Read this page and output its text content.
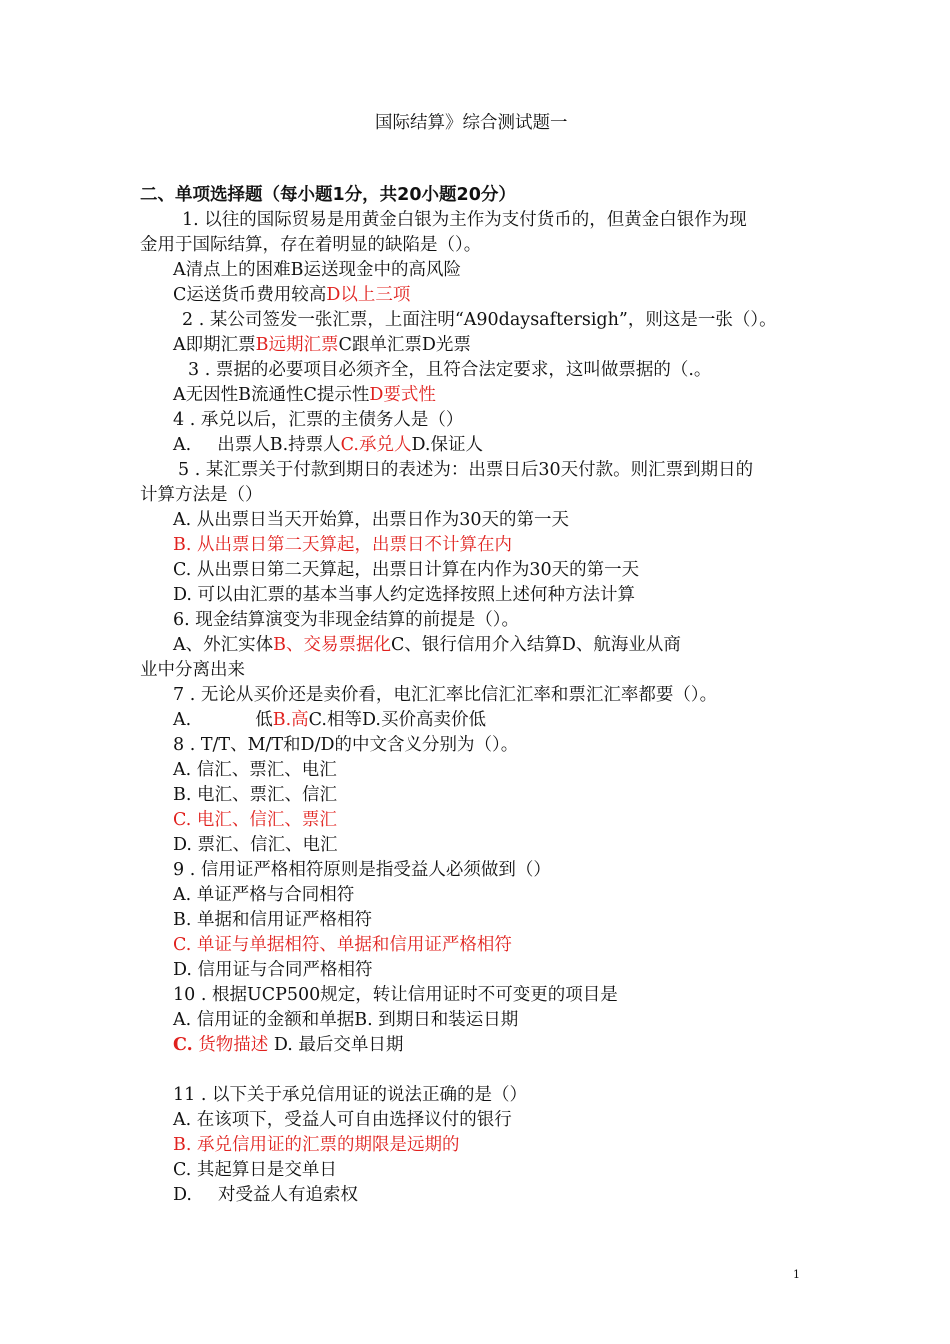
国际结算》综合测试题一
二、单项选择题（每小题1分，共20小题20分）
1. 以往的国际贸易是用黄金白银为主作为支付货币的，但黄金白银作为现
金用于国际结算，存在着明显的缺陷是（）。
A清点上的困难B运送现金中的高风险
C运送货币费用较高D以上三项
2 . 某公司签发一张汇票，上面注明“A90daysaftersigh”，则这是一张（）。
A即期汇票B远期汇票C跟单汇票D光票
3 . 票据的必要项目必须齐全，且符合法定要求，这叫做票据的（.。
A无因性B流通性C提示性D要式性
4 . 承兑以后，汇票的主债务人是（）
A. 出票人B.持票人C.承兑人D.保证人
5 . 某汇票关于付款到期日的表述为：出票日后30天付款。则汇票到期日的
计算方法是（）
A. 从出票日当天开始算，出票日作为30天的第一天
B. 从出票日第二天算起，出票日不计算在内
C. 从出票日第二天算起，出票日计算在内作为30天的第一天
D. 可以由汇票的基本当事人约定选择按照上述何种方法计算
6. 现金结算演变为非现金结算的前提是（）。
A、外汇实体B、交易票据化C、银行信用介入结算D、航海业从商
业中分离出来
7 . 无论从买价还是卖价看，电汇汇率比信汇汇率和票汇汇率都要（）。
A.	低B.高C.相等D.买价高卖价低
8 . T/T、M/T和D/D的中文含义分别为（）。
A. 信汇、票汇、电汇
B. 电汇、票汇、信汇
C. 电汇、信汇、票汇
D. 票汇、信汇、电汇
9 . 信用证严格相符原则是指受益人必须做到（）
A. 单证严格与合同相符
B. 单据和信用证严格相符
C. 单证与单据相符、单据和信用证严格相符
D. 信用证与合同严格相符
10 . 根据UCP500规定，转让信用证时不可变更的项目是
A. 信用证的金额和单据B. 到期日和装运日期
C. 货物描述 D. 最后交单日期
11 . 以下关于承兑信用证的说法正确的是（）
A. 在该项下，受益人可自由选择议付的银行
B. 承兑信用证的汇票的期限是远期的
C. 其起算日是交单日
D. 对受益人有追索权
1
